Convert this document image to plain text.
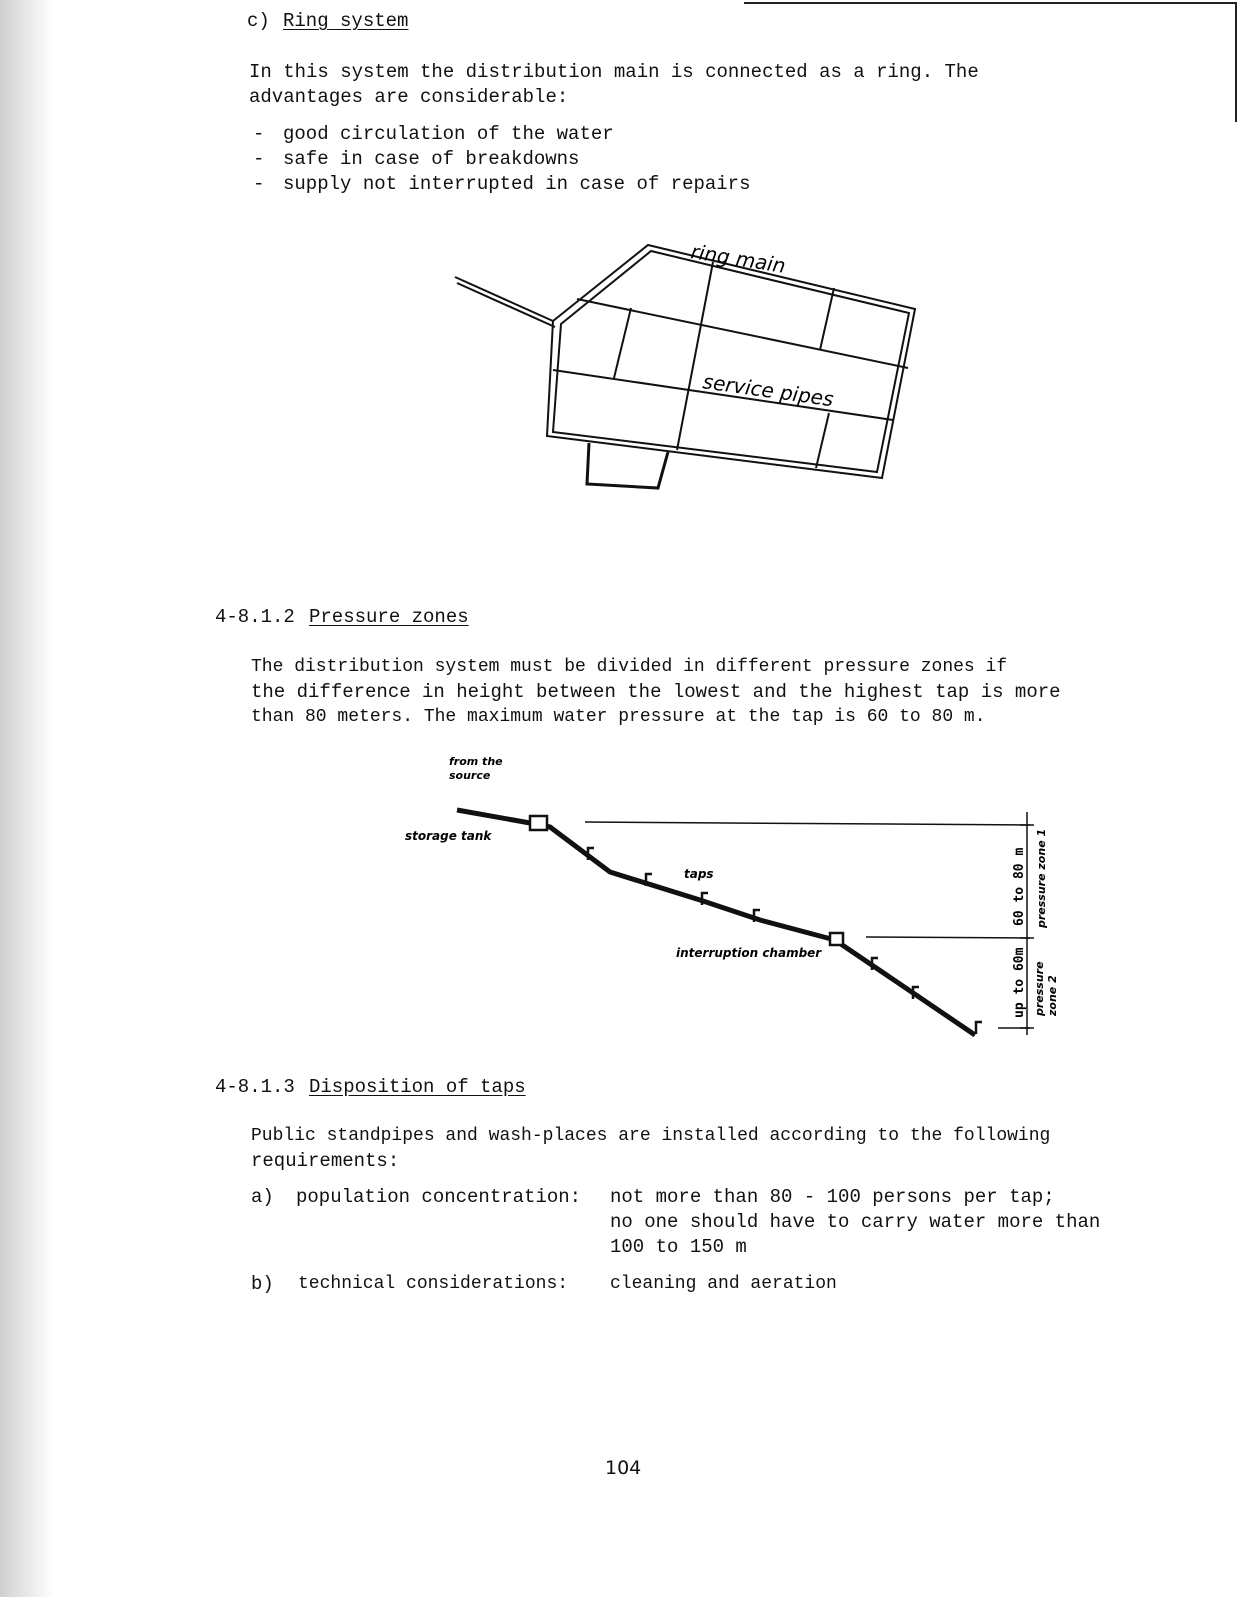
c) Ring system
In this system the distribution main is connected as a ring. The
advantages are considerable:
- good circulation of the water
- safe in case of breakdowns
- supply not interrupted in case of repairs
ring main
service pipes
4-8.1.2 Pressure zones
The distribution system must be divided in different pressure zones if
the difference in height between the lowest and the highest tap is more
than 80 meters. The maximum water pressure at the tap is 60 to 80 m.
from the
source
storage tank
taps
interruption chamber
60 to 80 m
up to 60m
pressure zone 1
pressure zone 2
4-8.1.3 Disposition of taps
Public standpipes and wash-places are installed according to the following
requirements:
a) population concentration: not more than 80 - 100 persons per tap;
no one should have to carry water more than
100 to 150 m
b) technical considerations: cleaning and aeration
104
